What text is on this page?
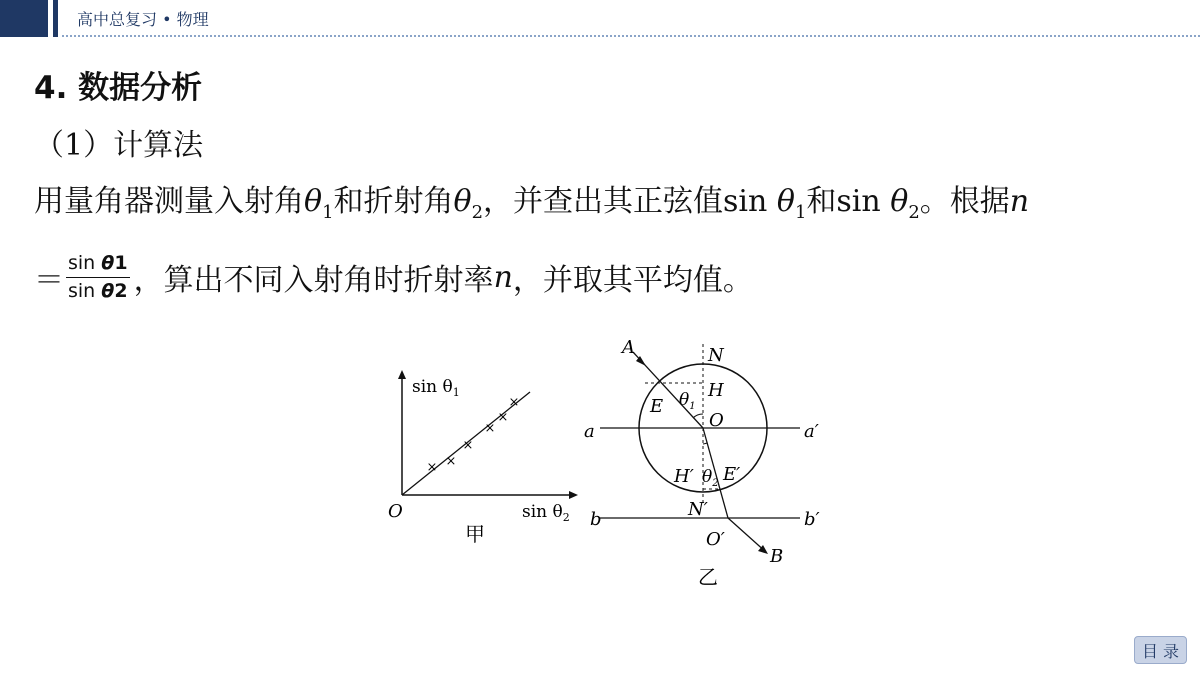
高中总复习 • 物理
4. 数据分析
（1）计算法
用量角器测量入射角$\theta_1$和折射角$\theta_2$，并查出其正弦值$\sin \theta_1$和$\sin \theta_2$。根据n
＝ $\frac{\text{sin θ1}}{\text{sin θ2}}$ ，算出不同入射角时折射率 n ，并取其平均值。
× ×
×
×
×
×
$\sin \theta_1$
$\sin \theta_2$
O
甲
A	N
H
E $\theta_1$
O
a	a′
H′ $\theta_2$ E′
b	b′
N′
O′
B
乙
目 录
